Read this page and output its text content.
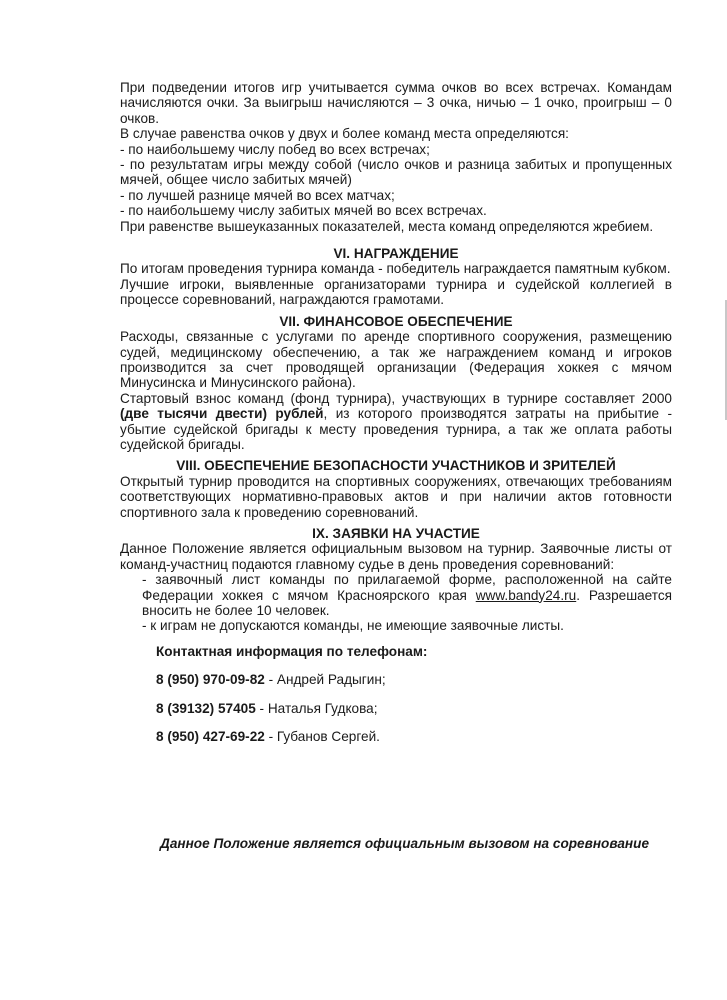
При подведении итогов игр учитывается сумма очков во всех встречах. Командам начисляются очки. За выигрыш начисляются – 3 очка, ничью – 1 очко, проигрыш – 0 очков.

В случае равенства очков у двух и более команд места определяются:

- по наибольшему числу побед во всех встречах;

- по результатам игры между собой (число очков и разница забитых и пропущенных мячей, общее число забитых мячей)

- по лучшей разнице мячей во всех матчах;

- по наибольшему числу забитых мячей во всех встречах.

При равенстве вышеуказанных показателей, места команд определяются жребием.

VI. НАГРАЖДЕНИЕ

По итогам проведения турнира команда - победитель награждается памятным кубком.

Лучшие игроки, выявленные организаторами турнира и судейской коллегией в процессе соревнований, награждаются грамотами.

VII. ФИНАНСОВОЕ ОБЕСПЕЧЕНИЕ

Расходы, связанные с услугами по аренде спортивного сооружения, размещению судей, медицинскому обеспечению, а так же награждением команд и игроков производится за счет проводящей организации (Федерация хоккея с мячом Минусинска и Минусинского района).

Стартовый взнос команд (фонд турнира), участвующих в турнире составляет 2000 (две тысячи двести) рублей, из которого производятся затраты на прибытие - убытие судейской бригады к месту проведения турнира, а так же оплата работы судейской бригады.

VIII. ОБЕСПЕЧЕНИЕ БЕЗОПАСНОСТИ УЧАСТНИКОВ И ЗРИТЕЛЕЙ

Открытый турнир проводится на спортивных сооружениях, отвечающих требованиям соответствующих нормативно-правовых актов и при наличии актов готовности спортивного зала к проведению соревнований.

IX. ЗАЯВКИ НА УЧАСТИЕ

Данное Положение является официальным вызовом на турнир. Заявочные листы от команд-участниц подаются главному судье в день проведения соревнований:

- заявочный лист команды по прилагаемой форме, расположенной на сайте Федерации хоккея с мячом Красноярского края www.bandy24.ru. Разрешается вносить не более 10 человек.

- к играм не допускаются команды, не имеющие заявочные листы.

Контактная информация по телефонам:

8 (950) 970-09-82 - Андрей Радыгин;

8 (39132) 57405 - Наталья Гудкова;

8 (950) 427-69-22 - Губанов Сергей.

Данное Положение является официальным вызовом на соревнование
